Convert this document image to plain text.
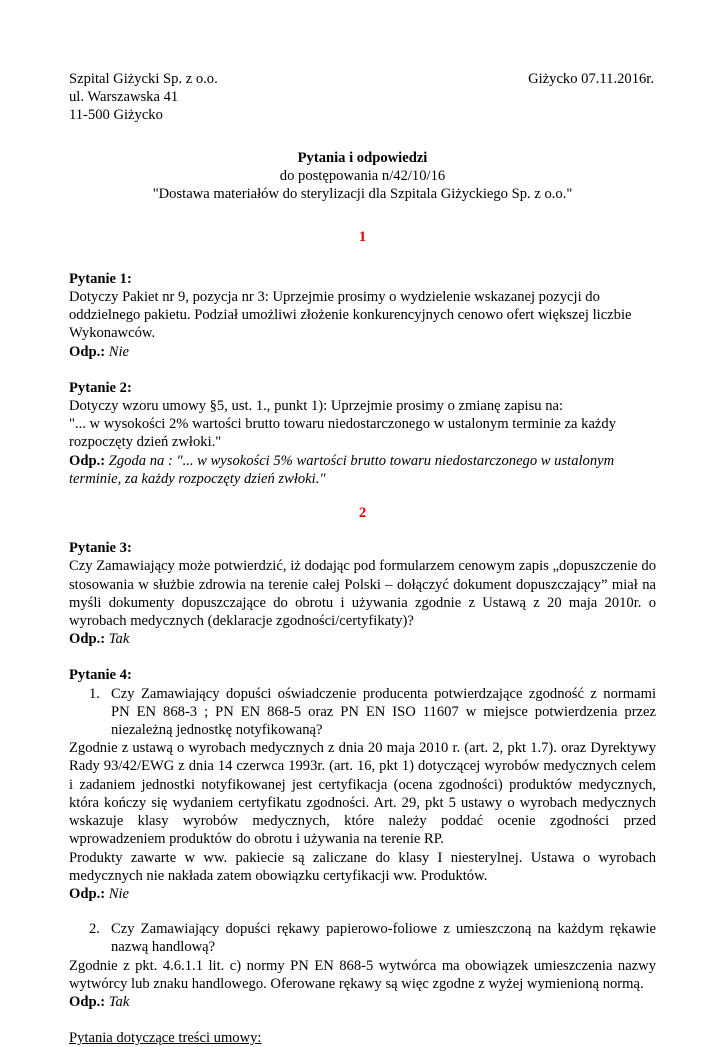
Szpital Giżycki Sp. z o.o.
ul. Warszawska 41
11-500 Giżycko
Giżycko 07.11.2016r.
Pytania i odpowiedzi
do postępowania n/42/10/16
"Dostawa materiałów do sterylizacji dla Szpitala Giżyckiego Sp. z o.o."
1
Pytanie 1:
Dotyczy Pakiet nr 9, pozycja nr 3: Uprzejmie prosimy o wydzielenie wskazanej pozycji do oddzielnego pakietu. Podział umożliwi złożenie konkurencyjnych cenowo ofert większej liczbie Wykonawców.
Odp.: Nie
Pytanie 2:
Dotyczy wzoru umowy §5, ust. 1., punkt 1): Uprzejmie prosimy o zmianę zapisu na:
"... w wysokości 2% wartości brutto towaru niedostarczonego w ustalonym terminie za każdy rozpoczęty dzień zwłoki."
Odp.: Zgoda na : "... w wysokości 5% wartości brutto towaru niedostarczonego w ustalonym terminie, za każdy rozpoczęty dzień zwłoki."
2
Pytanie 3:
Czy Zamawiający może potwierdzić, iż dodając pod formularzem cenowym zapis „dopuszczenie do stosowania w służbie zdrowia na terenie całej Polski – dołączyć dokument dopuszczający” miał na myśli dokumenty dopuszczające do obrotu i używania zgodnie z Ustawą z 20 maja 2010r. o wyrobach medycznych (deklaracje zgodności/certyfikaty)?
Odp.: Tak
Pytanie 4:
1. Czy Zamawiający dopuści oświadczenie producenta potwierdzające zgodność z normami PN EN 868-3 ; PN EN 868-5 oraz PN EN ISO 11607 w miejsce potwierdzenia przez niezależną jednostkę notyfikowaną?
Zgodnie z ustawą o wyrobach medycznych z dnia 20 maja 2010 r. (art. 2, pkt 1.7). oraz Dyrektywy Rady 93/42/EWG z dnia 14 czerwca 1993r. (art. 16, pkt 1) dotyczącej wyrobów medycznych celem i zadaniem jednostki notyfikowanej jest certyfikacja (ocena zgodności) produktów medycznych, która kończy się wydaniem certyfikatu zgodności. Art. 29, pkt 5 ustawy o wyrobach medycznych wskazuje klasy wyrobów medycznych, które należy poddać ocenie zgodności przed wprowadzeniem produktów do obrotu i używania na terenie RP.
Produkty zawarte w ww. pakiecie są zaliczane do klasy I niesterylnej. Ustawa o wyrobach medycznych nie nakłada zatem obowiązku certyfikacji ww. Produktów.
Odp.: Nie
2. Czy Zamawiający dopuści rękawy papierowo-foliowe z umieszczoną na każdym rękawie nazwą handlową?
Zgodnie z pkt. 4.6.1.1 lit. c) normy PN EN 868-5 wytwórca ma obowiązek umieszczenia nazwy wytwórcy lub znaku handlowego. Oferowane rękawy są więc zgodne z wyżej wymienioną normą.
Odp.: Tak
Pytania dotyczące treści umowy:
